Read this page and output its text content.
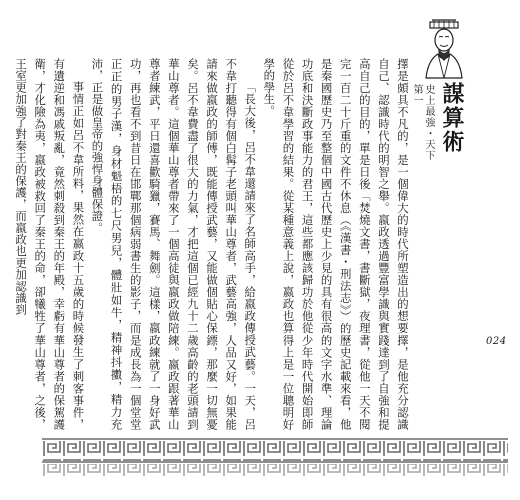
史上最強・天下第一 謀算術

擇是頗具不凡的，是一個偉大的時代所塑造出的想要擇，是他充分認識自己、認識時代的明智之舉。嬴政透過豐富學識與實踐達到了自強和提高自己的目的，單是日後「焚燒文書，書斷獄，夜理書，從他一天不閱完一百二十斤重的文件不休息（《漢書・刑法志》）的歷史記載來看，他是秦國歷史乃至整個中國古代歷史上少見的具有很高的文字水準、理論功底和決斷政事能力的君王，這些都應該歸功於他從少年時代開始即師從於呂不韋學習的結果。從某種意義上說，嬴政也算得上是一位聰明好學的學生。

「長大後，呂不韋還請來了名師高手，給嬴政傳授武藝。一天，呂不韋打聽得有個白髯子老頭叫華山尊者，武藝高強，人品又好，如果能請來做嬴政的師傅，既能傳授武藝，又能做個貼心保鏢，那麼一切無憂矣。呂不韋費盡了很大的力氣，才把這個已經九十二歲高齡的老頭請到華山尊者。這個華山尊者帶來了一個高徒與嬴政做陪練。嬴政跟著華山尊者練武，平日還喜歡騎獵，賽馬、舞劍。這樣，嬴政練就了一身好武功，再也看不到昔日在邯鄲那個病弱書生的影子，而是成長為一個堂堂正正的男子漢，身材魁梧的七尺男兒，體壯如牛，精神抖擻，精力充沛，正是做皇帝的強悍身體保證。

事情正如呂不韋所料，果然在嬴政十五歲的時候發生了刺客事件，有遺逆和馮戚叛亂，竟然刺殺到秦王的年殿，幸虧有華山尊者的保駕護衛，才化險為夷，嬴政被救回了秦王的命，卻犧牲了華山尊者，之後，王室更加強了對秦王的保護，而嬴政也更加認識到

024
